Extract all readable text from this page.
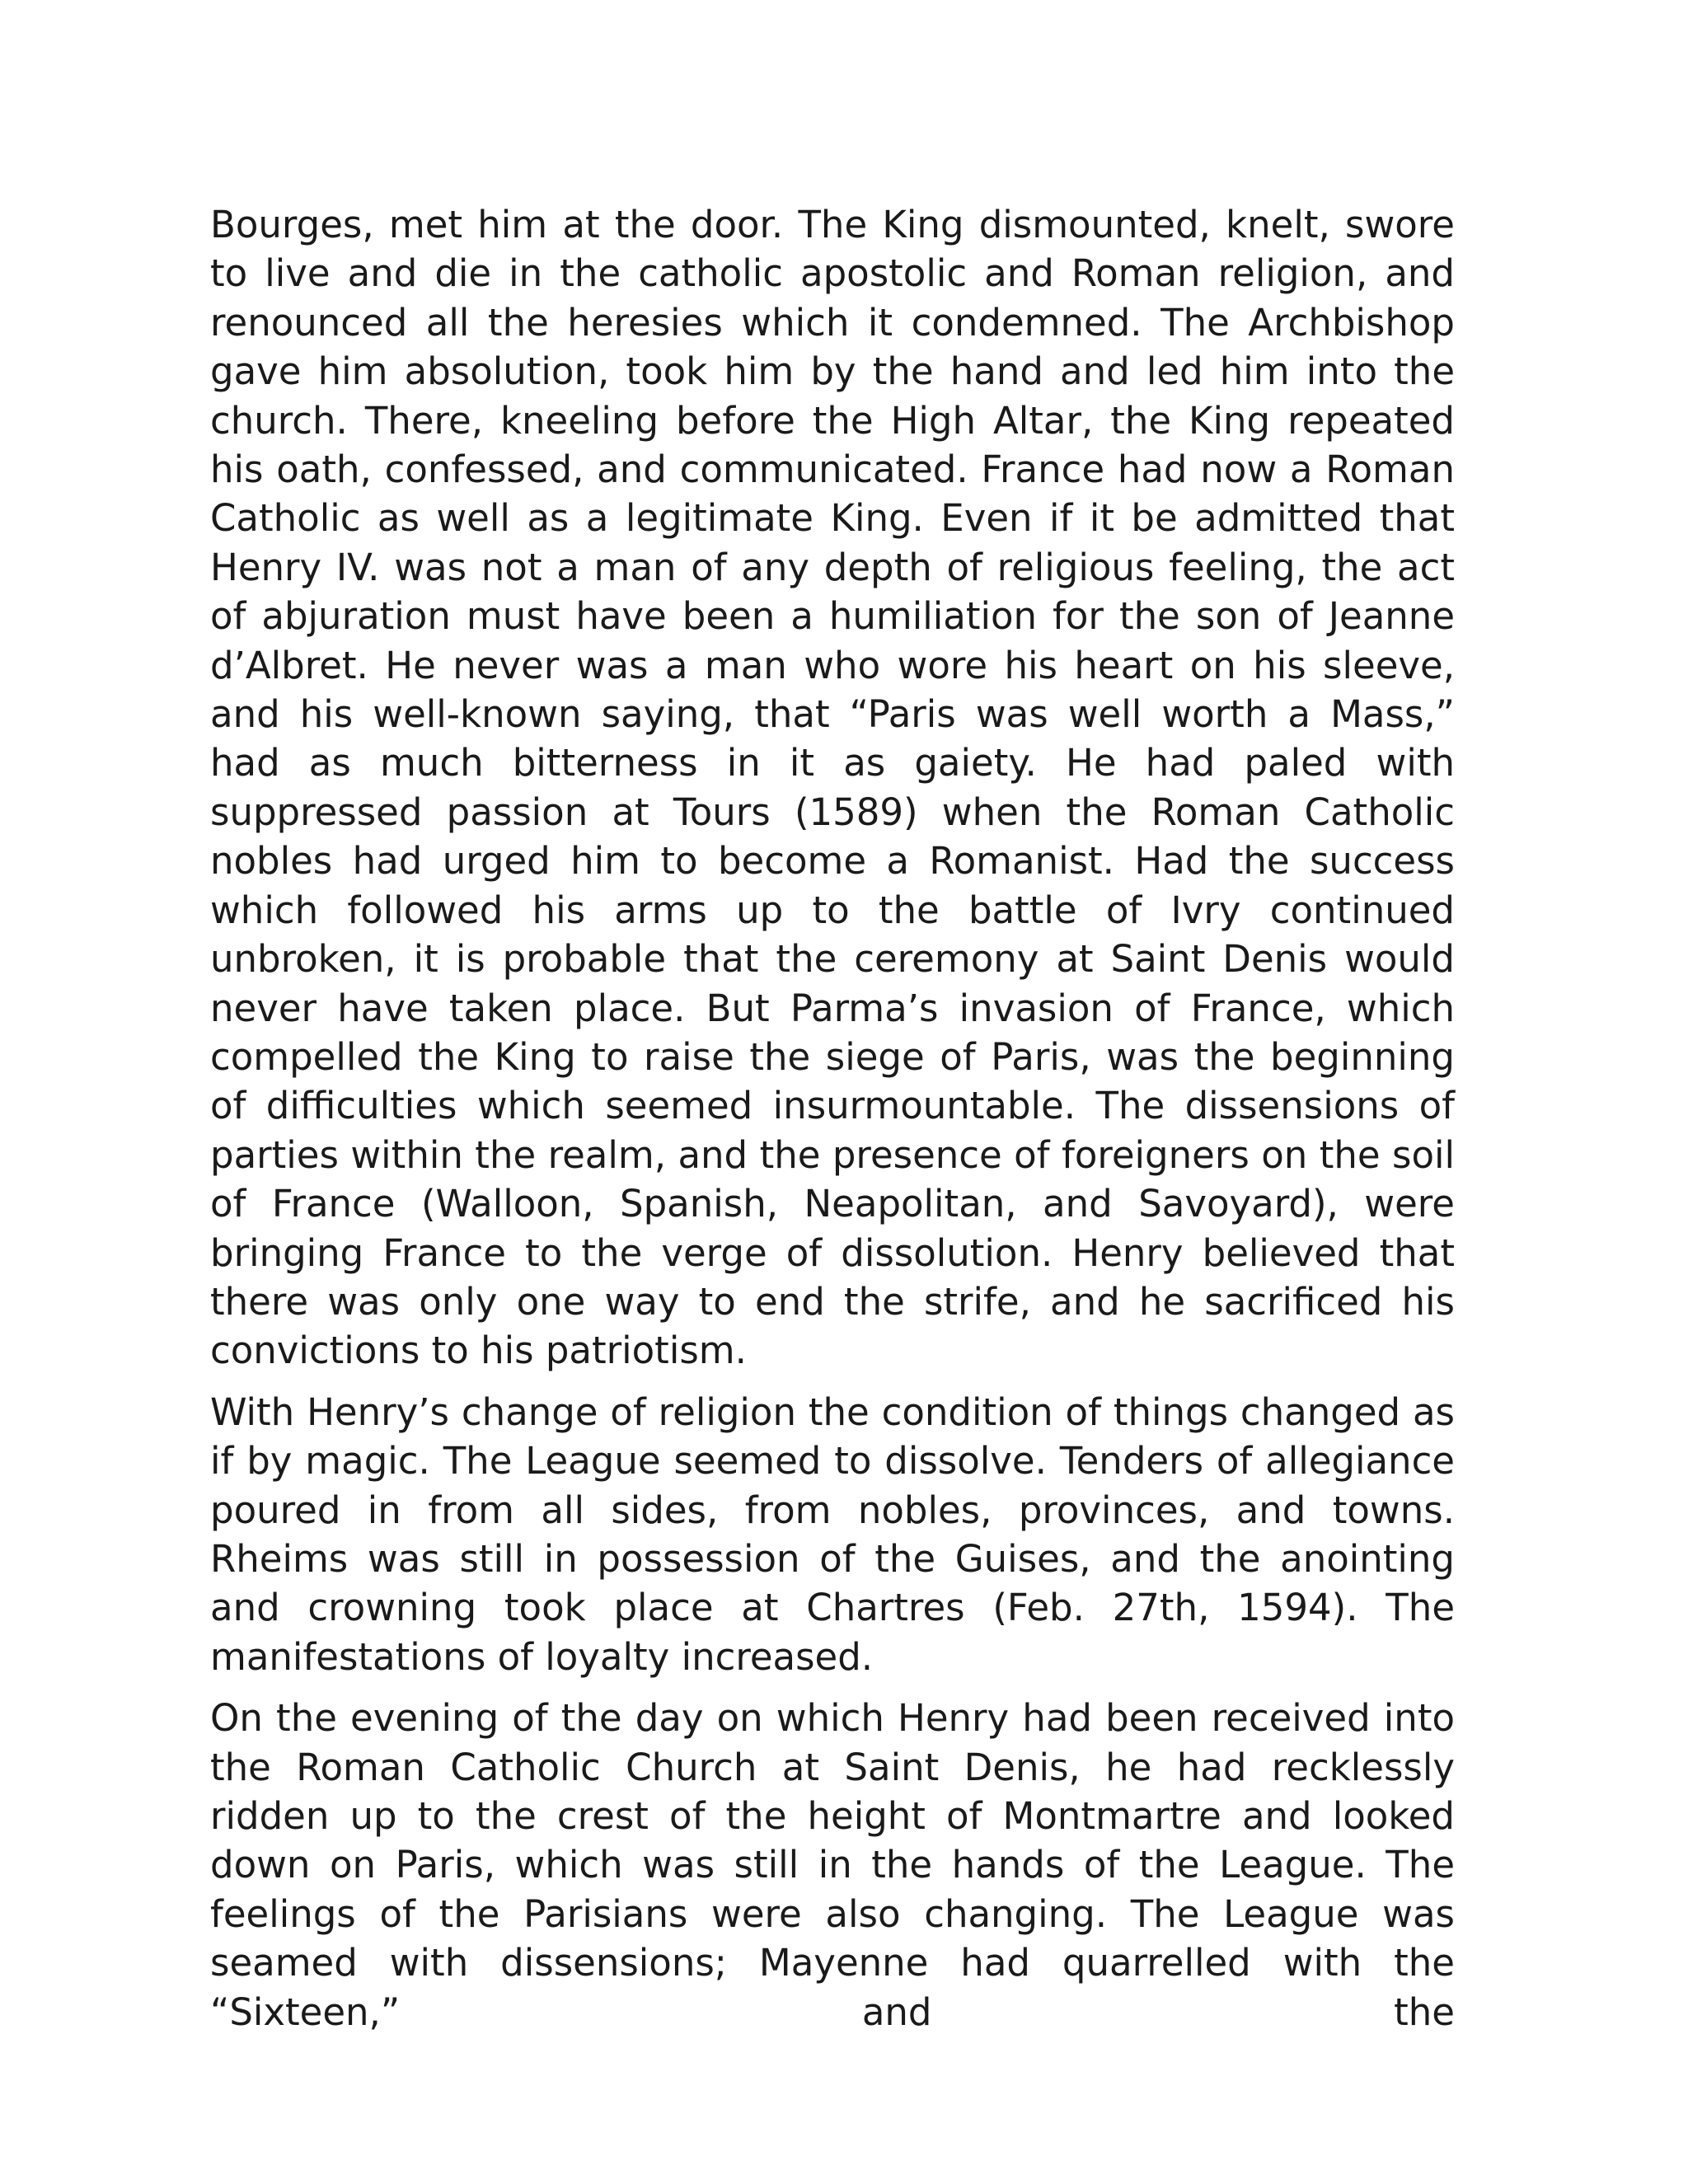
Bourges, met him at the door. The King dismounted, knelt, swore to live and die in the catholic apostolic and Roman religion, and renounced all the heresies which it condemned. The Archbishop gave him absolution, took him by the hand and led him into the church. There, kneeling before the High Altar, the King repeated his oath, confessed, and communicated. France had now a Roman Catholic as well as a legitimate King. Even if it be admitted that Henry IV. was not a man of any depth of religious feeling, the act of abjuration must have been a humiliation for the son of Jeanne d’Albret. He never was a man who wore his heart on his sleeve, and his well-known saying, that “Paris was well worth a Mass,” had as much bitterness in it as gaiety. He had paled with suppressed passion at Tours (1589) when the Roman Catholic nobles had urged him to become a Romanist. Had the success which followed his arms up to the battle of Ivry continued unbroken, it is probable that the ceremony at Saint Denis would never have taken place. But Parma’s invasion of France, which compelled the King to raise the siege of Paris, was the beginning of difficulties which seemed insurmountable. The dissensions of parties within the realm, and the presence of foreigners on the soil of France (Walloon, Spanish, Neapolitan, and Savoyard), were bringing France to the verge of dissolution. Henry believed that there was only one way to end the strife, and he sacrificed his convictions to his patriotism.

With Henry’s change of religion the condition of things changed as if by magic. The League seemed to dissolve. Tenders of allegiance poured in from all sides, from nobles, provinces, and towns. Rheims was still in possession of the Guises, and the anointing and crowning took place at Chartres (Feb. 27th, 1594). The manifestations of loyalty increased.

On the evening of the day on which Henry had been received into the Roman Catholic Church at Saint Denis, he had recklessly ridden up to the crest of the height of Montmartre and looked down on Paris, which was still in the hands of the League. The feelings of the Parisians were also changing. The League was seamed with dissensions; Mayenne had quarrelled with the “Sixteen,” and the
